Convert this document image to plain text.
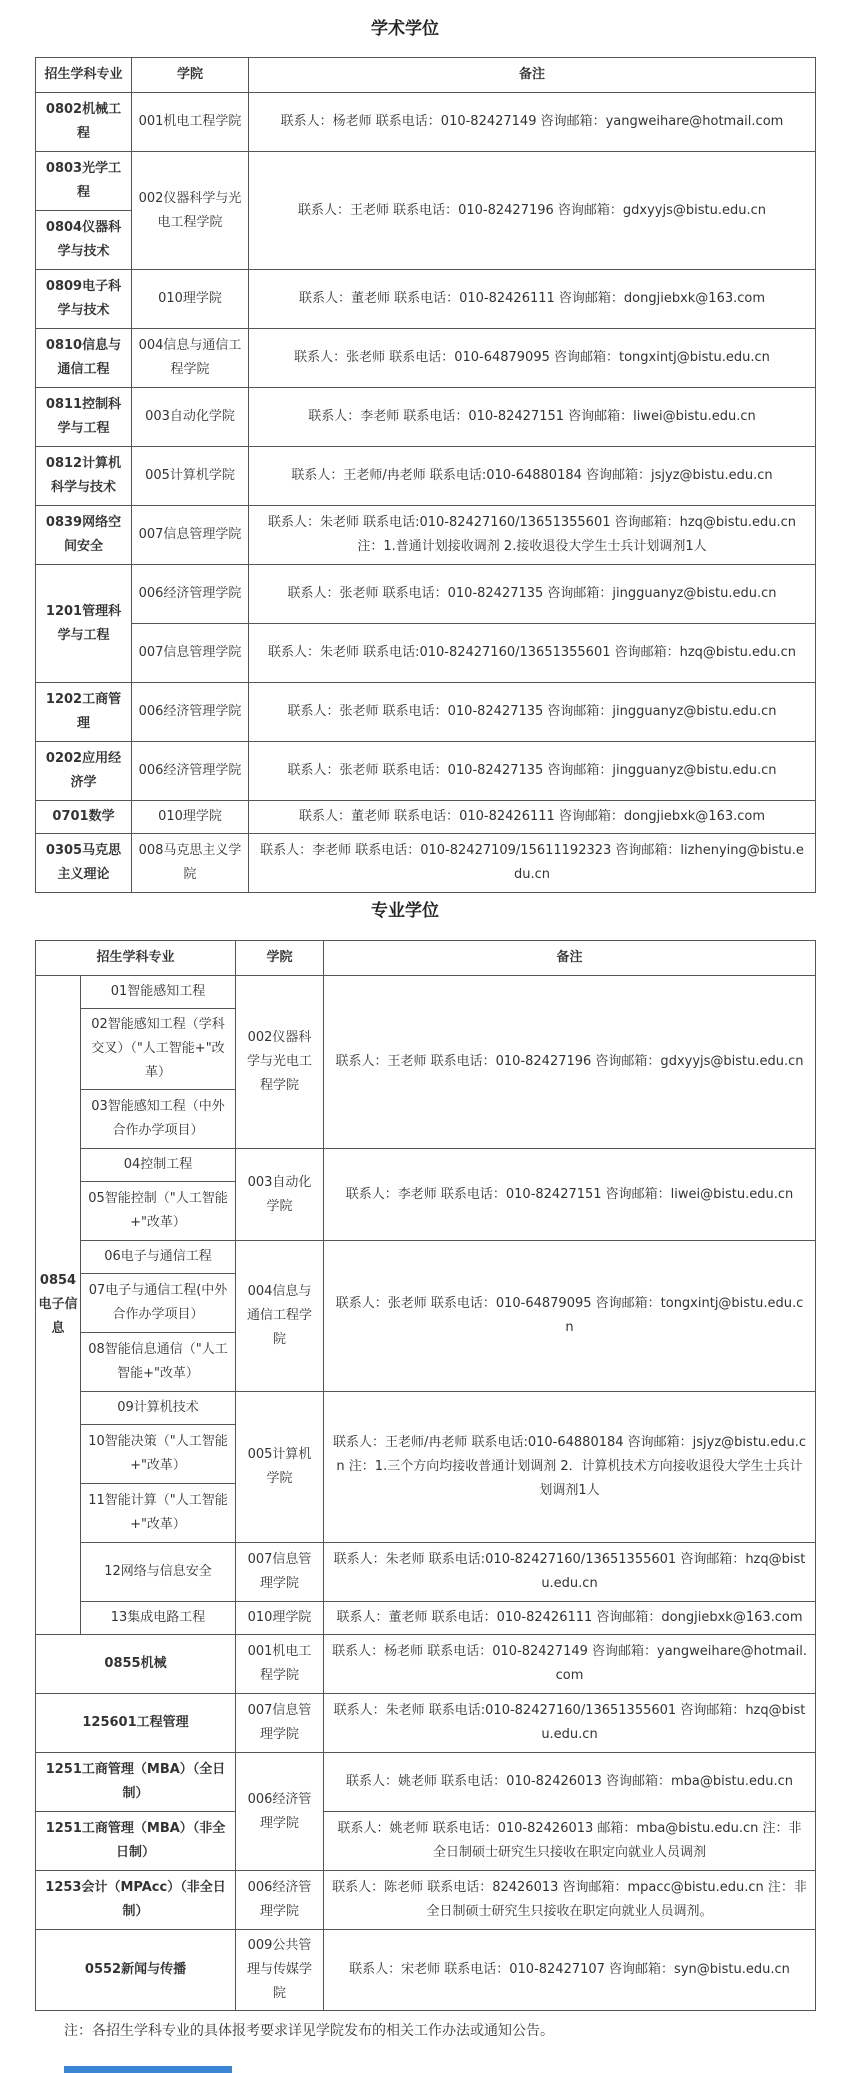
学术学位
招生学科专业	学院	备注
0802机械工程	001机电工程学院	联系人：杨老师 联系电话：010-82427149 咨询邮箱：yangweihare@hotmail.com
0803光学工程	002仪器科学与光电工程学院	联系人：王老师 联系电话：010-82427196 咨询邮箱：gdxyyjs@bistu.edu.cn
0804仪器科学与技术		
0809电子科学与技术	010理学院	联系人：董老师 联系电话：010-82426111 咨询邮箱：dongjiebxk@163.com
0810信息与通信工程	004信息与通信工程学院	联系人：张老师 联系电话：010-64879095 咨询邮箱：tongxintj@bistu.edu.cn
0811控制科学与工程	003自动化学院	联系人：李老师 联系电话：010-82427151 咨询邮箱：liwei@bistu.edu.cn
0812计算机科学与技术	005计算机学院	联系人：王老师/冉老师 联系电话:010-64880184 咨询邮箱：jsjyz@bistu.edu.cn
0839网络空间安全	007信息管理学院	联系人：朱老师 联系电话:010-82427160/13651355601 咨询邮箱：hzq@bistu.edu.cn 注：1.普通计划接收调剂 2.接收退役大学生士兵计划调剂1人
1201管理科学与工程	006经济管理学院	联系人：张老师 联系电话：010-82427135 咨询邮箱：jingguanyz@bistu.edu.cn
	007信息管理学院	联系人：朱老师 联系电话:010-82427160/13651355601 咨询邮箱：hzq@bistu.edu.cn
1202工商管理	006经济管理学院	联系人：张老师 联系电话：010-82427135 咨询邮箱：jingguanyz@bistu.edu.cn
0202应用经济学	006经济管理学院	联系人：张老师 联系电话：010-82427135 咨询邮箱：jingguanyz@bistu.edu.cn
0701数学	010理学院	联系人：董老师 联系电话：010-82426111 咨询邮箱：dongjiebxk@163.com
0305马克思主义理论	008马克思主义学院	联系人：李老师 联系电话：010-82427109/15611192323 咨询邮箱：lizhenying@bistu.edu.cn
专业学位
招生学科专业		学院	备注
0854电子信息	01智能感知工程	002仪器科学与光电工程学院	联系人：王老师 联系电话：010-82427196 咨询邮箱：gdxyyjs@bistu.edu.cn
	02智能感知工程（学科交叉）（"人工智能+"改革）		
	03智能感知工程（中外合作办学项目）		
	04控制工程	003自动化学院	联系人：李老师 联系电话：010-82427151 咨询邮箱：liwei@bistu.edu.cn
	05智能控制（"人工智能+"改革）		
	06电子与通信工程	004信息与通信工程学院	联系人：张老师 联系电话：010-64879095 咨询邮箱：tongxintj@bistu.edu.cn
	07电子与通信工程(中外合作办学项目）		
	08智能信息通信（"人工智能+"改革）		
	09计算机技术	005计算机学院	联系人：王老师/冉老师 联系电话:010-64880184 咨询邮箱：jsjyz@bistu.edu.cn 注：1.三个方向均接收普通计划调剂 2．计算机技术方向接收退役大学生士兵计划调剂1人
	10智能决策（"人工智能+"改革）		
	11智能计算（"人工智能+"改革）		
	12网络与信息安全	007信息管理学院	联系人：朱老师 联系电话:010-82427160/13651355601 咨询邮箱：hzq@bistu.edu.cn
	13集成电路工程	010理学院	联系人：董老师 联系电话：010-82426111 咨询邮箱：dongjiebxk@163.com
0855机械		001机电工程学院	联系人：杨老师 联系电话：010-82427149 咨询邮箱：yangweihare@hotmail.com
125601工程管理		007信息管理学院	联系人：朱老师 联系电话:010-82427160/13651355601 咨询邮箱：hzq@bistu.edu.cn
1251工商管理（MBA）（全日制）		006经济管理学院	联系人：姚老师 联系电话：010-82426013 咨询邮箱：mba@bistu.edu.cn
1251工商管理（MBA）（非全日制）			联系人：姚老师 联系电话：010-82426013 邮箱：mba@bistu.edu.cn 注：非全日制硕士研究生只接收在职定向就业人员调剂
1253会计（MPAcc）（非全日制）		006经济管理学院	联系人：陈老师 联系电话：82426013 咨询邮箱：mpacc@bistu.edu.cn 注：非全日制硕士研究生只接收在职定向就业人员调剂。
0552新闻与传播		009公共管理与传媒学院	联系人：宋老师 联系电话：010-82427107 咨询邮箱：syn@bistu.edu.cn
注：各招生学科专业的具体报考要求详见学院发布的相关工作办法或通知公告。
